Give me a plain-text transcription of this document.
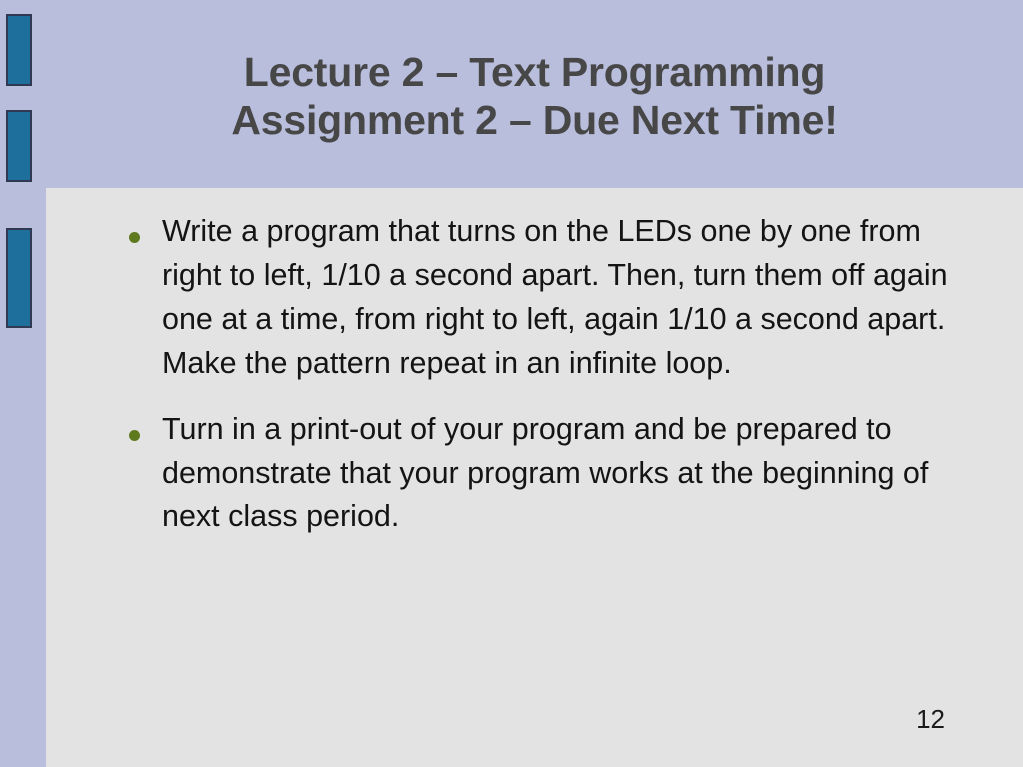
Lecture 2 – Text Programming
Assignment 2 – Due Next Time!
Write a program that turns on the LEDs one by one from right to left, 1/10 a second apart. Then, turn them off again one at a time, from right to left, again 1/10 a second apart. Make the pattern repeat in an infinite loop.
Turn in a print-out of your program and be prepared to demonstrate that your program works at the beginning of next class period.
12
